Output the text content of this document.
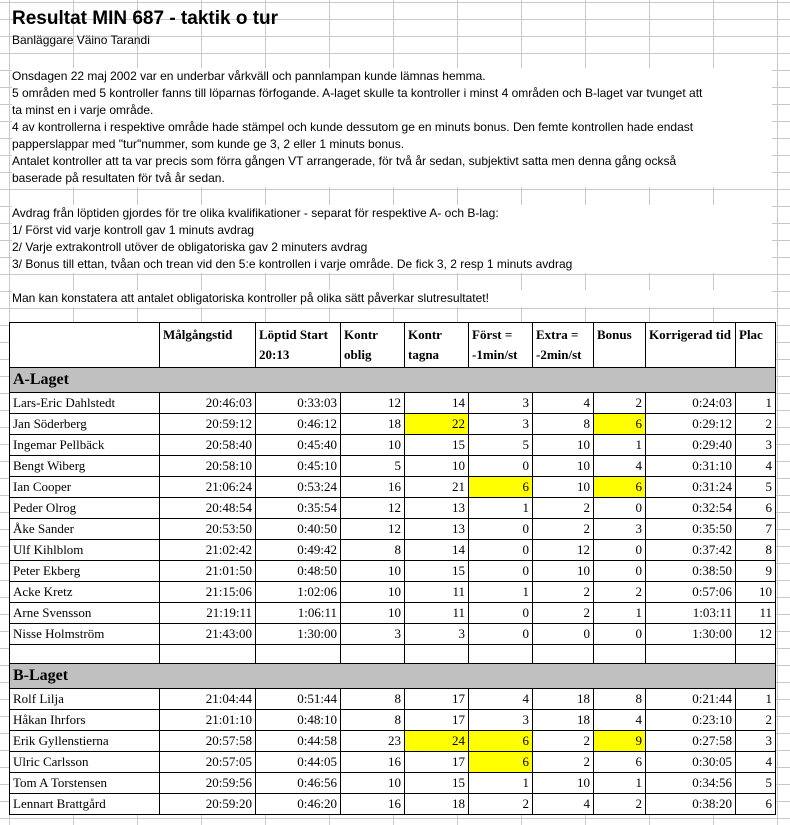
Resultat MIN 687 - taktik o tur
Banläggare Väino Tarandi
Onsdagen 22 maj 2002 var en underbar vårkväll och pannlampan kunde lämnas hemma.
5 områden med 5 kontroller fanns till löparnas förfogande. A-laget skulle ta kontroller i minst 4 områden och B-laget var tvunget att
ta minst en i varje område.
4 av kontrollerna i respektive område hade stämpel och kunde dessutom ge en minuts bonus. Den femte kontrollen hade endast
papperslappar med "tur"nummer, som kunde ge 3, 2 eller 1 minuts bonus.
Antalet kontroller att ta var precis som förra gången VT arrangerade, för två år sedan, subjektivt satta men denna gång också
baserade på resultaten för två år sedan.
Avdrag från löptiden gjordes för tre olika kvalifikationer - separat för respektive A- och B-lag:
1/ Först vid varje kontroll gav 1 minuts avdrag
2/ Varje extrakontroll utöver de obligatoriska gav 2 minuters avdrag
3/ Bonus till ettan, tvåan och trean vid den 5:e kontrollen i varje område. De fick 3, 2 resp 1 minuts avdrag
Man kan konstatera att antalet obligatoriska kontroller på olika sätt påverkar slutresultatet!
	Målgångstid	Löptid Start 20:13	Kontr oblig	Kontr tagna	Först = -1min/st	Extra = -2min/st	Bonus	Korrigerad tid	Plac
A-Laget									
Lars-Eric Dahlstedt	20:46:03	0:33:03	12	14	3	4	2	0:24:03	1
Jan Söderberg	20:59:12	0:46:12	18	22	3	8	6	0:29:12	2
Ingemar Pellbäck	20:58:40	0:45:40	10	15	5	10	1	0:29:40	3
Bengt Wiberg	20:58:10	0:45:10	5	10	0	10	4	0:31:10	4
Ian Cooper	21:06:24	0:53:24	16	21	6	10	6	0:31:24	5
Peder Olrog	20:48:54	0:35:54	12	13	1	2	0	0:32:54	6
Åke Sander	20:53:50	0:40:50	12	13	0	2	3	0:35:50	7
Ulf Kihlblom	21:02:42	0:49:42	8	14	0	12	0	0:37:42	8
Peter Ekberg	21:01:50	0:48:50	10	15	0	10	0	0:38:50	9
Acke Kretz	21:15:06	1:02:06	10	11	1	2	2	0:57:06	10
Arne Svensson	21:19:11	1:06:11	10	11	0	2	1	1:03:11	11
Nisse Holmström	21:43:00	1:30:00	3	3	0	0	0	1:30:00	12

B-Laget									
Rolf Lilja	21:04:44	0:51:44	8	17	4	18	8	0:21:44	1
Håkan Ihrfors	21:01:10	0:48:10	8	17	3	18	4	0:23:10	2
Erik Gyllenstierna	20:57:58	0:44:58	23	24	6	2	9	0:27:58	3
Ulric Carlsson	20:57:05	0:44:05	16	17	6	2	6	0:30:05	4
Tom A Torstensen	20:59:56	0:46:56	10	15	1	10	1	0:34:56	5
Lennart Brattgård	20:59:20	0:46:20	16	18	2	4	2	0:38:20	6
